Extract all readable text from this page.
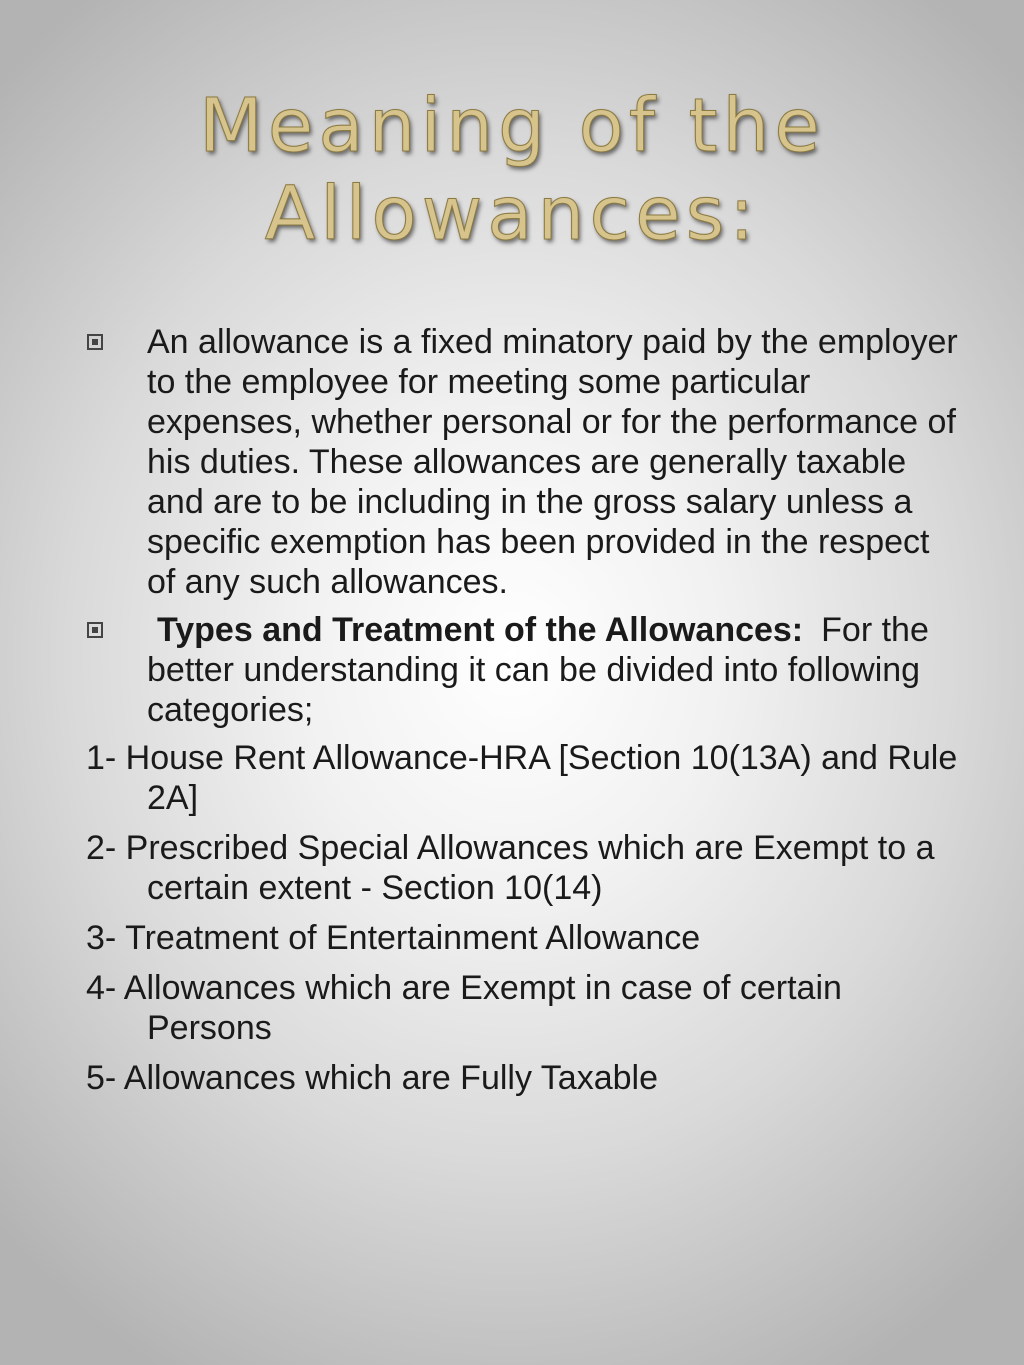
Meaning of the
Allowances:
An allowance is a fixed minatory paid by the employer to the employee for meeting some particular expenses, whether personal or for the performance of his duties. These allowances are generally taxable and are to be including in the gross salary unless a specific exemption has been provided in the respect of any such allowances.
Types and Treatment of the Allowances: For the better understanding it can be divided into following categories;
1- House Rent Allowance-HRA [Section 10(13A) and Rule 2A]
2- Prescribed Special Allowances which are Exempt to a certain extent - Section 10(14)
3- Treatment of Entertainment Allowance
4- Allowances which are Exempt in case of certain Persons
5- Allowances which are Fully Taxable
